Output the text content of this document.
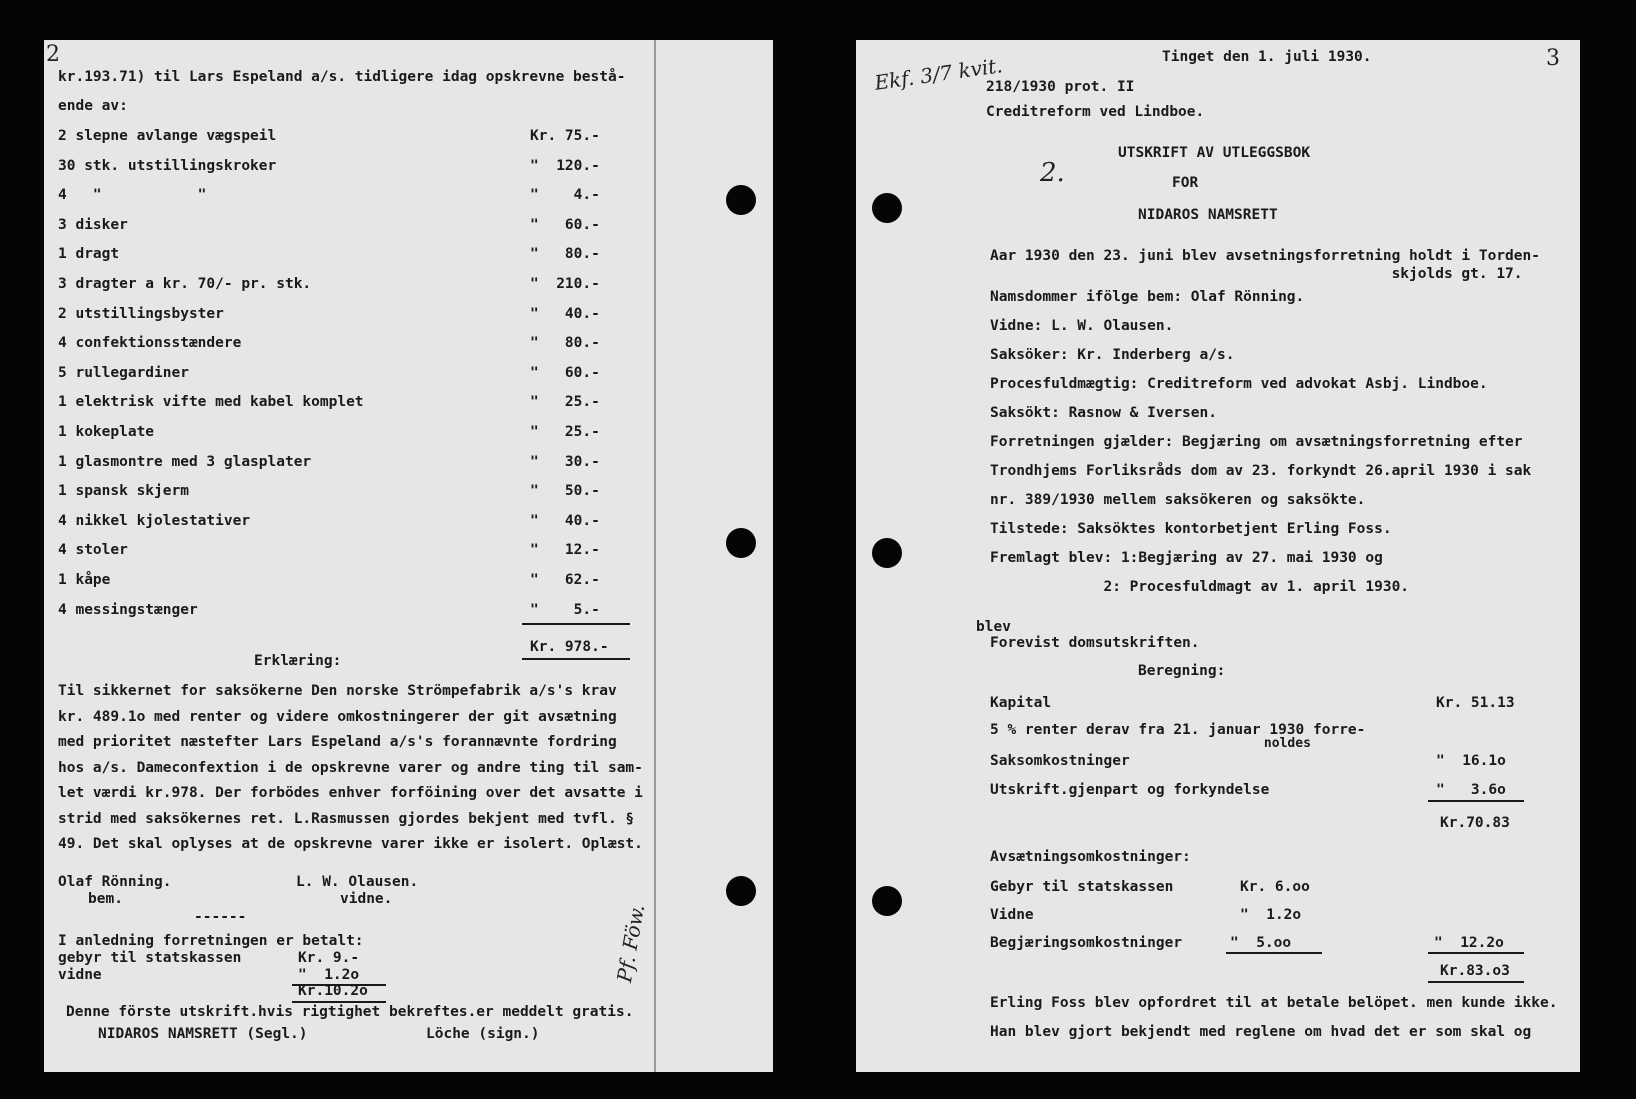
2
kr.193.71) til Lars Espeland a/s. tidligere idag opskrevne bestå-
ende av:
2 slepne avlange vægspeil	Kr. 75.-
30 stk. utstillingskroker	"  120.-
4   "           "	"    4.-
3 disker	"   60.-
1 dragt	"   80.-
3 dragter a kr. 70/- pr. stk.	"  210.-
2 utstillingsbyster	"   40.-
4 confektionsstændere	"   80.-
5 rullegardiner	"   60.-
1 elektrisk vifte med kabel komplet	"   25.-
1 kokeplate	"   25.-
1 glasmontre med 3 glasplater	"   30.-
1 spansk skjerm	"   50.-
4 nikkel kjolestativer	"   40.-
4 stoler	"   12.-
1 kåpe	"   62.-
4 messingstænger	"    5.-
Kr. 978.-
Erklæring:
Til sikkernet for saksökerne Den norske Strömpefabrik a/s's krav
kr. 489.1o med renter og videre omkostningerer der git avsætning
med prioritet næstefter Lars Espeland a/s's forannævnte fordring
hos a/s. Dameconfextion i de opskrevne varer og andre ting til sam-
let værdi kr.978. Der forbödes enhver forföining over det avsatte i
strid med saksökernes ret. L.Rasmussen gjordes bekjent med tvfl. §
49. Det skal oplyses at de opskrevne varer ikke er isolert. Oplæst.
Olaf Rönning.
bem.
L. W. Olausen.
vidne.
------
I anledning forretningen er betalt:
gebyr til statskassen	Kr. 9.-
vidne	"  1.2o
Kr.10.2o
Denne förste utskrift.hvis rigtighet bekreftes.er meddelt gratis.
NIDAROS NAMSRETT (Segl.)	Löche (sign.)
Pf. Föw.
3
Ekf. 3/7 kvit.	Tinget den 1. juli 1930.
218/1930 prot. II
Creditreform ved Lindboe.
2.
UTSKRIFT AV UTLEGGSBOK
FOR
NIDAROS NAMSRETT
Aar 1930 den 23. juni blev avsetningsforretning holdt i Torden-
skjolds gt. 17.
Namsdommer ifölge bem: Olaf Rönning.
Vidne: L. W. Olausen.
Saksöker: Kr. Inderberg a/s.
Procesfuldmægtig: Creditreform ved advokat Asbj. Lindboe.
Saksökt: Rasnow & Iversen.
Forretningen gjælder: Begjæring om avsætningsforretning efter
Trondhjems Forliksråds dom av 23. forkyndt 26.april 1930 i sak
nr. 389/1930 mellem saksökeren og saksökte.
Tilstede: Saksöktes kontorbetjent Erling Foss.
Fremlagt blev: 1:Begjæring av 27. mai 1930 og
2: Procesfuldmagt av 1. april 1930.
blev
Forevist domsutskriften.
Beregning:
Kapital	Kr. 51.13
5 % renter derav fra 21. januar 1930 forre-
noldes
Saksomkostninger	"  16.1o
Utskrift.gjenpart og forkyndelse	"   3.6o
Kr.70.83
Avsætningsomkostninger:
Gebyr til statskassen	Kr. 6.oo
Vidne	"  1.2o
Begjæringsomkostninger	"  5.oo	"  12.2o
Kr.83.o3
Erling Foss blev opfordret til at betale belöpet. men kunde ikke.
Han blev gjort bekjendt med reglene om hvad det er som skal og
